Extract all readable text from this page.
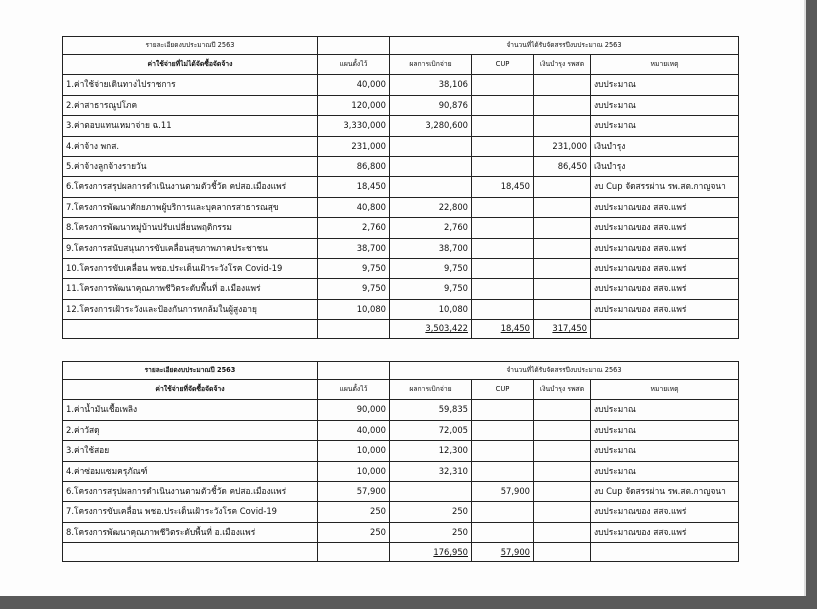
รายละเอียดงบประมาณปี 2563		จำนวนที่ได้รับจัดสรรปีงบประมาณ 2563			
ค่าใช้จ่ายที่ไม่ได้จัดซื้อจัดจ้าง	แผนตั้งไว้	ผลการเบิกจ่าย	CUP	เงินบำรุง รพสต	หมายเหตุ
1.ค่าใช้จ่ายเดินทางไปราชการ	40,000	38,106			งบประมาณ
2.ค่าสาธารณูปโภค	120,000	90,876			งบประมาณ
3.ค่าตอบแทนเหมาจ่าย ฉ.11	3,330,000	3,280,600			งบประมาณ
4.ค่าจ้าง พกส.	231,000			231,000	เงินบำรุง
5.ค่าจ้างลูกจ้างรายวัน	86,800			86,450	เงินบำรุง
6.โครงการสรุปผลการดำเนินงานตามตัวชี้วัด คปสอ.เมืองแพร่	18,450		18,450		งบ Cup จัดสรรผ่าน รพ.สต.กาญจนา
7.โครงการพัฒนาศักยภาพผู้บริการและบุคลากรสาธารณสุข	40,800	22,800			งบประมาณของ สสจ.แพร่
8.โครงการพัฒนาหมู่บ้านปรับเปลี่ยนพฤติกรรม	2,760	2,760			งบประมาณของ สสจ.แพร่
9.โครงการสนับสนุนการขับเคลื่อนสุขภาพภาคประชาชน	38,700	38,700			งบประมาณของ สสจ.แพร่
10.โครงการขับเคลื่อน พชอ.ประเด็นเฝ้าระวังโรค Covid-19	9,750	9,750			งบประมาณของ สสจ.แพร่
11.โครงการพัฒนาคุณภาพชีวิตระดับพื้นที่ อ.เมืองแพร่	9,750	9,750			งบประมาณของ สสจ.แพร่
12.โครงการเฝ้าระวังและป้องกันการหกล้มในผู้สูงอายุ	10,080	10,080			งบประมาณของ สสจ.แพร่
		3,503,422	18,450	317,450	
รายละเอียดงบประมาณปี 2563		จำนวนที่ได้รับจัดสรรปีงบประมาณ 2563			
ค่าใช้จ่ายที่จัดซื้อจัดจ้าง	แผนตั้งไว้	ผลการเบิกจ่าย	CUP	เงินบำรุง รพสต	หมายเหตุ
1.ค่าน้ำมันเชื้อเพลิง	90,000	59,835			งบประมาณ
2.ค่าวัสดุ	40,000	72,005			งบประมาณ
3.ค่าใช้สอย	10,000	12,300			งบประมาณ
4.ค่าซ่อมแซมครุภัณฑ์	10,000	32,310			งบประมาณ
6.โครงการสรุปผลการดำเนินงานตามตัวชี้วัด คปสอ.เมืองแพร่	57,900		57,900		งบ Cup จัดสรรผ่าน รพ.สต.กาญจนา
7.โครงการขับเคลื่อน พชอ.ประเด็นเฝ้าระวังโรค Covid-19	250	250			งบประมาณของ สสจ.แพร่
8.โครงการพัฒนาคุณภาพชีวิตระดับพื้นที่ อ.เมืองแพร่	250	250			งบประมาณของ สสจ.แพร่
		176,950	57,900		
